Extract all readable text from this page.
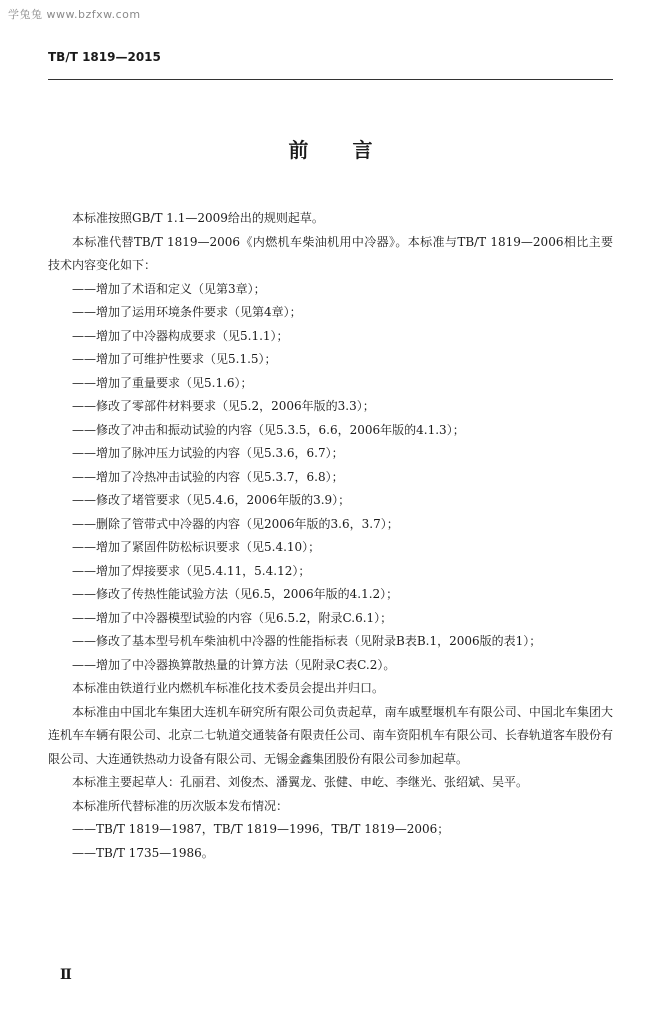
学兔兔 www.bzfxw.com
TB/T 1819—2015
前言

本标准按照GB/T 1.1—2009给出的规则起草。

本标准代替TB/T 1819—2006《内燃机车柴油机用中冷器》。本标准与TB/T 1819—2006相比主要技术内容变化如下：

——增加了术语和定义（见第3章）；

——增加了运用环境条件要求（见第4章）；

——增加了中冷器构成要求（见5.1.1）；

——增加了可维护性要求（见5.1.5）；

——增加了重量要求（见5.1.6）；

——修改了零部件材料要求（见5.2，2006年版的3.3）；

——修改了冲击和振动试验的内容（见5.3.5，6.6，2006年版的4.1.3）；

——增加了脉冲压力试验的内容（见5.3.6，6.7）；

——增加了冷热冲击试验的内容（见5.3.7，6.8）；

——修改了堵管要求（见5.4.6，2006年版的3.9）；

——删除了管带式中冷器的内容（见2006年版的3.6，3.7）；

——增加了紧固件防松标识要求（见5.4.10）；

——增加了焊接要求（见5.4.11，5.4.12）；

——修改了传热性能试验方法（见6.5，2006年版的4.1.2）；

——增加了中冷器模型试验的内容（见6.5.2，附录C.6.1）；

——修改了基本型号机车柴油机中冷器的性能指标表（见附录B表B.1，2006版的表1）；

——增加了中冷器换算散热量的计算方法（见附录C表C.2）。

本标准由铁道行业内燃机车标准化技术委员会提出并归口。

本标准由中国北车集团大连机车研究所有限公司负责起草，南车戚墅堰机车有限公司、中国北车集团大连机车车辆有限公司、北京二七轨道交通装备有限责任公司、南车资阳机车有限公司、长春轨道客车股份有限公司、大连通铁热动力设备有限公司、无锡金鑫集团股份有限公司参加起草。

本标准主要起草人：孔丽君、刘俊杰、潘翼龙、张健、申屹、李继光、张绍斌、吴平。

本标准所代替标准的历次版本发布情况：

——TB/T 1819—1987，TB/T 1819—1996，TB/T 1819—2006；

——TB/T 1735—1986。

Ⅱ
